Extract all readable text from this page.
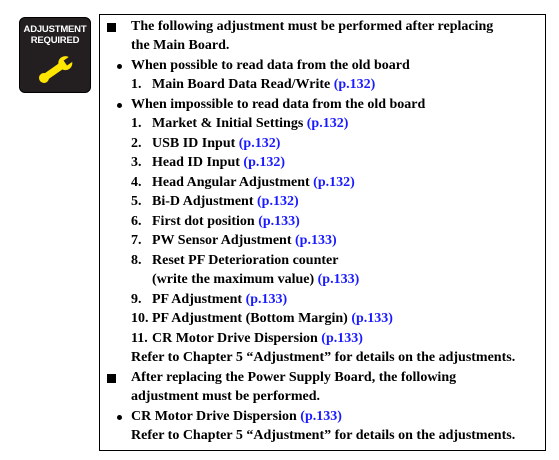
ADJUSTMENT
REQUIRED
The following adjustment must be performed after replacing
the Main Board.
When possible to read data from the old board
1. Main Board Data Read/Write (p.132)
When impossible to read data from the old board
1. Market & Initial Settings (p.132)
2. USB ID Input (p.132)
3. Head ID Input (p.132)
4. Head Angular Adjustment (p.132)
5. Bi-D Adjustment (p.132)
6. First dot position (p.133)
7. PW Sensor Adjustment (p.133)
8. Reset PF Deterioration counter
(write the maximum value) (p.133)
9. PF Adjustment (p.133)
10. PF Adjustment (Bottom Margin) (p.133)
11. CR Motor Drive Dispersion (p.133)
Refer to Chapter 5 “Adjustment” for details on the adjustments.
After replacing the Power Supply Board, the following
adjustment must be performed.
CR Motor Drive Dispersion (p.133)
Refer to Chapter 5 “Adjustment” for details on the adjustments.
